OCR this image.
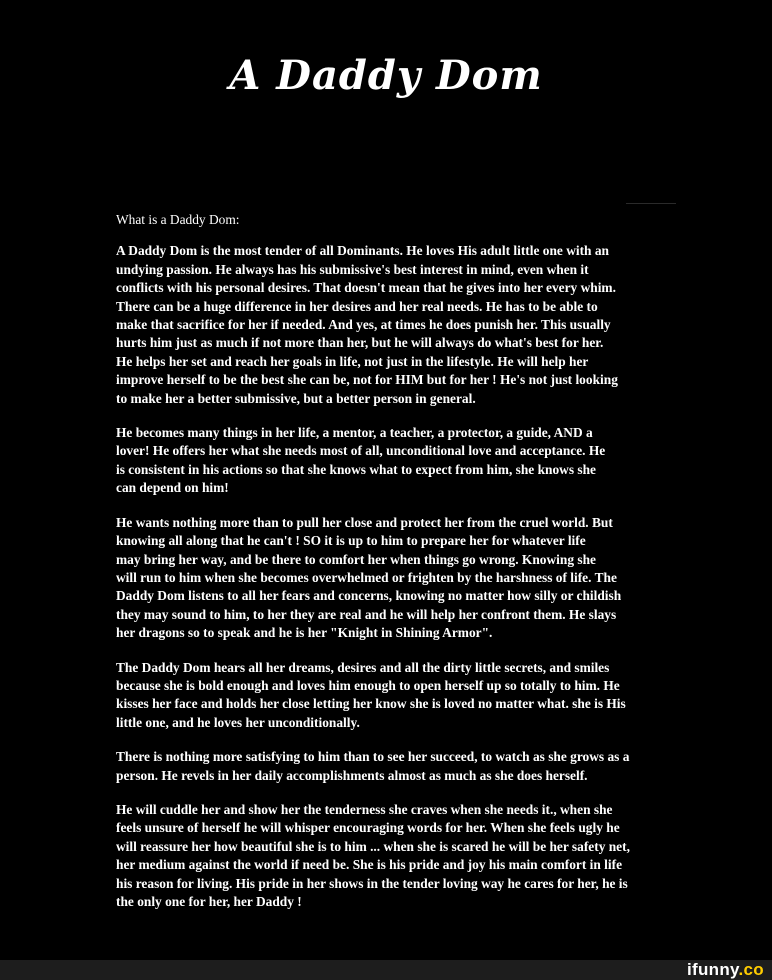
A Daddy Dom
What is a Daddy Dom:
A Daddy Dom is the most tender of all Dominants. He loves His adult little one with an
undying passion. He always has his submissive's best interest in mind, even when it
conflicts with his personal desires. That doesn't mean that he gives into her every whim.
There can be a huge difference in her desires and her real needs. He has to be able to
make that sacrifice for her if needed. And yes, at times he does punish her. This usually
hurts him just as much if not more than her, but he will always do what's best for her.
He helps her set and reach her goals in life, not just in the lifestyle. He will help her
improve herself to be the best she can be, not for HIM but for her ! He's not just looking
to make her a better submissive, but a better person in general.
He becomes many things in her life, a mentor, a teacher, a protector, a guide, AND a
lover! He offers her what she needs most of all, unconditional love and acceptance. He
is consistent in his actions so that she knows what to expect from him, she knows she
can depend on him!
He wants nothing more than to pull her close and protect her from the cruel world. But
knowing all along that he can't ! SO it is up to him to prepare her for whatever life
may bring her way, and be there to comfort her when things go wrong. Knowing she
will run to him when she becomes overwhelmed or frighten by the harshness of life. The
Daddy Dom listens to all her fears and concerns, knowing no matter how silly or childish
they may sound to him, to her they are real and he will help her confront them. He slays
her dragons so to speak and he is her "Knight in Shining Armor".
The Daddy Dom hears all her dreams, desires and all the dirty little secrets, and smiles
because she is bold enough and loves him enough to open herself up so totally to him. He
kisses her face and holds her close letting her know she is loved no matter what. she is His
little one, and he loves her unconditionally.
There is nothing more satisfying to him than to see her succeed, to watch as she grows as a
person. He revels in her daily accomplishments almost as much as she does herself.
He will cuddle her and show her the tenderness she craves when she needs it., when she
feels unsure of herself he will whisper encouraging words for her. When she feels ugly he
will reassure her how beautiful she is to him ... when she is scared he will be her safety net,
her medium against the world if need be. She is his pride and joy his main comfort in life
his reason for living. His pride in her shows in the tender loving way he cares for her, he is
the only one for her, her Daddy !
ifunny.co
